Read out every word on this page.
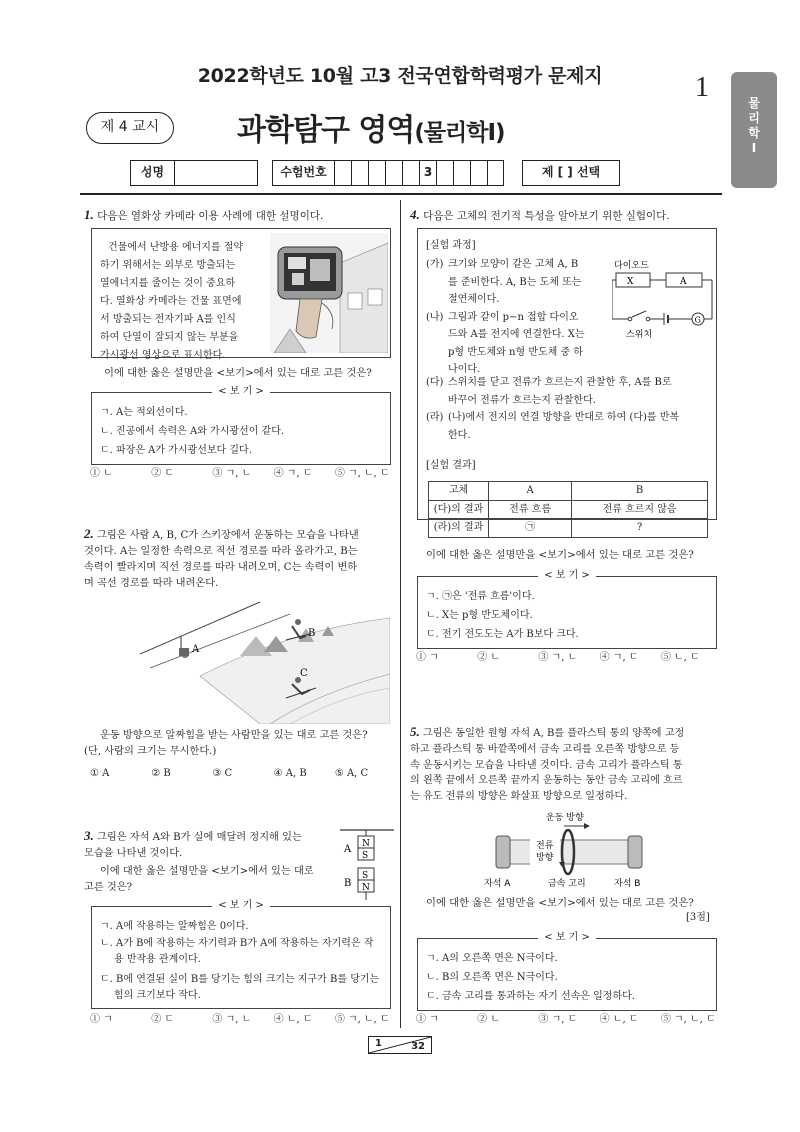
2022학년도 10월 고3 전국연합학력평가 문제지	1	물
리
학
Ⅰ
제 4 교시	과학탐구 영역(물리학Ⅰ)
성명	수험번호	3	제 [ ] 선택
1. 다음은 열화상 카메라 이용 사례에 대한 설명이다.
건물에서 난방용 에너지를 절약
하기 위해서는 외부로 방출되는
열에너지를 줄이는 것이 중요하
다. 열화상 카메라는 건물 표면에
서 방출되는 전자기파 A를 인식
하여 단열이 잘되지 않는 부분을
가시광선 영상으로 표시한다.
이에 대한 옳은 설명만을 <보기>에서 있는 대로 고른 것은?
< 보 기 >
ㄱ. A는 적외선이다.
ㄴ. 진공에서 속력은 A와 가시광선이 같다.
ㄷ. 파장은 A가 가시광선보다 길다.
① ㄴ	② ㄷ	③ ㄱ, ㄴ	④ ㄱ, ㄷ	⑤ ㄱ, ㄴ, ㄷ
2. 그림은 사람 A, B, C가 스키장에서 운동하는 모습을 나타낸
것이다. A는 일정한 속력으로 직선 경로를 따라 올라가고, B는
속력이 빨라지며 직선 경로를 따라 내려오며, C는 속력이 변하
며 곡선 경로를 따라 내려온다.
A
B
C
운동 방향으로 알짜힘을 받는 사람만을 있는 대로 고른 것은?
(단, 사람의 크기는 무시한다.)
① A	② B	③ C	④ A, B	⑤ A, C
3. 그림은 자석 A와 B가 실에 매달려 정지해 있는
모습을 나타낸 것이다.
이에 대한 옳은 설명만을 <보기>에서 있는 대로
고른 것은?
N
S
S
N
A
B
< 보 기 >
ㄱ. A에 작용하는 알짜힘은 0이다.
ㄴ. A가 B에 작용하는 자기력과 B가 A에 작용하는 자기력은 작용 반작용 관계이다.
ㄷ. B에 연결된 실이 B를 당기는 힘의 크기는 지구가 B를 당기는 힘의 크기보다 작다.
① ㄱ	② ㄷ	③ ㄱ, ㄴ	④ ㄴ, ㄷ	⑤ ㄱ, ㄴ, ㄷ
4. 다음은 고체의 전기적 특성을 알아보기 위한 실험이다.
[실험 과정]
(가) 크기와 모양이 같은 고체 A, B
를 준비한다. A, B는 도체 또는
절연체이다.
(나) 그림과 같이 p−n 접합 다이오
드와 A를 전지에 연결한다. X는
p형 반도체와 n형 반도체 중 하
나이다.
(다) 스위치를 닫고 전류가 흐르는지 관찰한 후, A를 B로
바꾸어 전류가 흐르는지 관찰한다.
(라) (나)에서 전지의 연결 방향을 반대로 하여 (다)를 반복
한다.
다이오드
X	A
G
스위치
[실험 결과]
고체	A	B
(다)의 결과	전류 흐름	전류 흐르지 않음
(라)의 결과	㉠	?
이에 대한 옳은 설명만을 <보기>에서 있는 대로 고른 것은?
< 보 기 >
ㄱ. ㉠은 '전류 흐름'이다.
ㄴ. X는 p형 반도체이다.
ㄷ. 전기 전도도는 A가 B보다 크다.
① ㄱ	② ㄴ	③ ㄱ, ㄴ	④ ㄱ, ㄷ	⑤ ㄴ, ㄷ
5. 그림은 동일한 원형 자석 A, B를 플라스틱 통의 양쪽에 고정
하고 플라스틱 통 바깥쪽에서 금속 고리를 오른쪽 방향으로 등
속 운동시키는 모습을 나타낸 것이다. 금속 고리가 플라스틱 통
의 왼쪽 끝에서 오른쪽 끝까지 운동하는 동안 금속 고리에 흐르
는 유도 전류의 방향은 화살표 방향으로 일정하다.
운동 방향
전류
방향
자석 A	금속 고리	자석 B
이에 대한 옳은 설명만을 <보기>에서 있는 대로 고른 것은?
[3점]
< 보 기 >
ㄱ. A의 오른쪽 면은 N극이다.
ㄴ. B의 오른쪽 면은 N극이다.
ㄷ. 금속 고리를 통과하는 자기 선속은 일정하다.
① ㄱ	② ㄴ	③ ㄱ, ㄷ	④ ㄴ, ㄷ	⑤ ㄱ, ㄴ, ㄷ
1	32
